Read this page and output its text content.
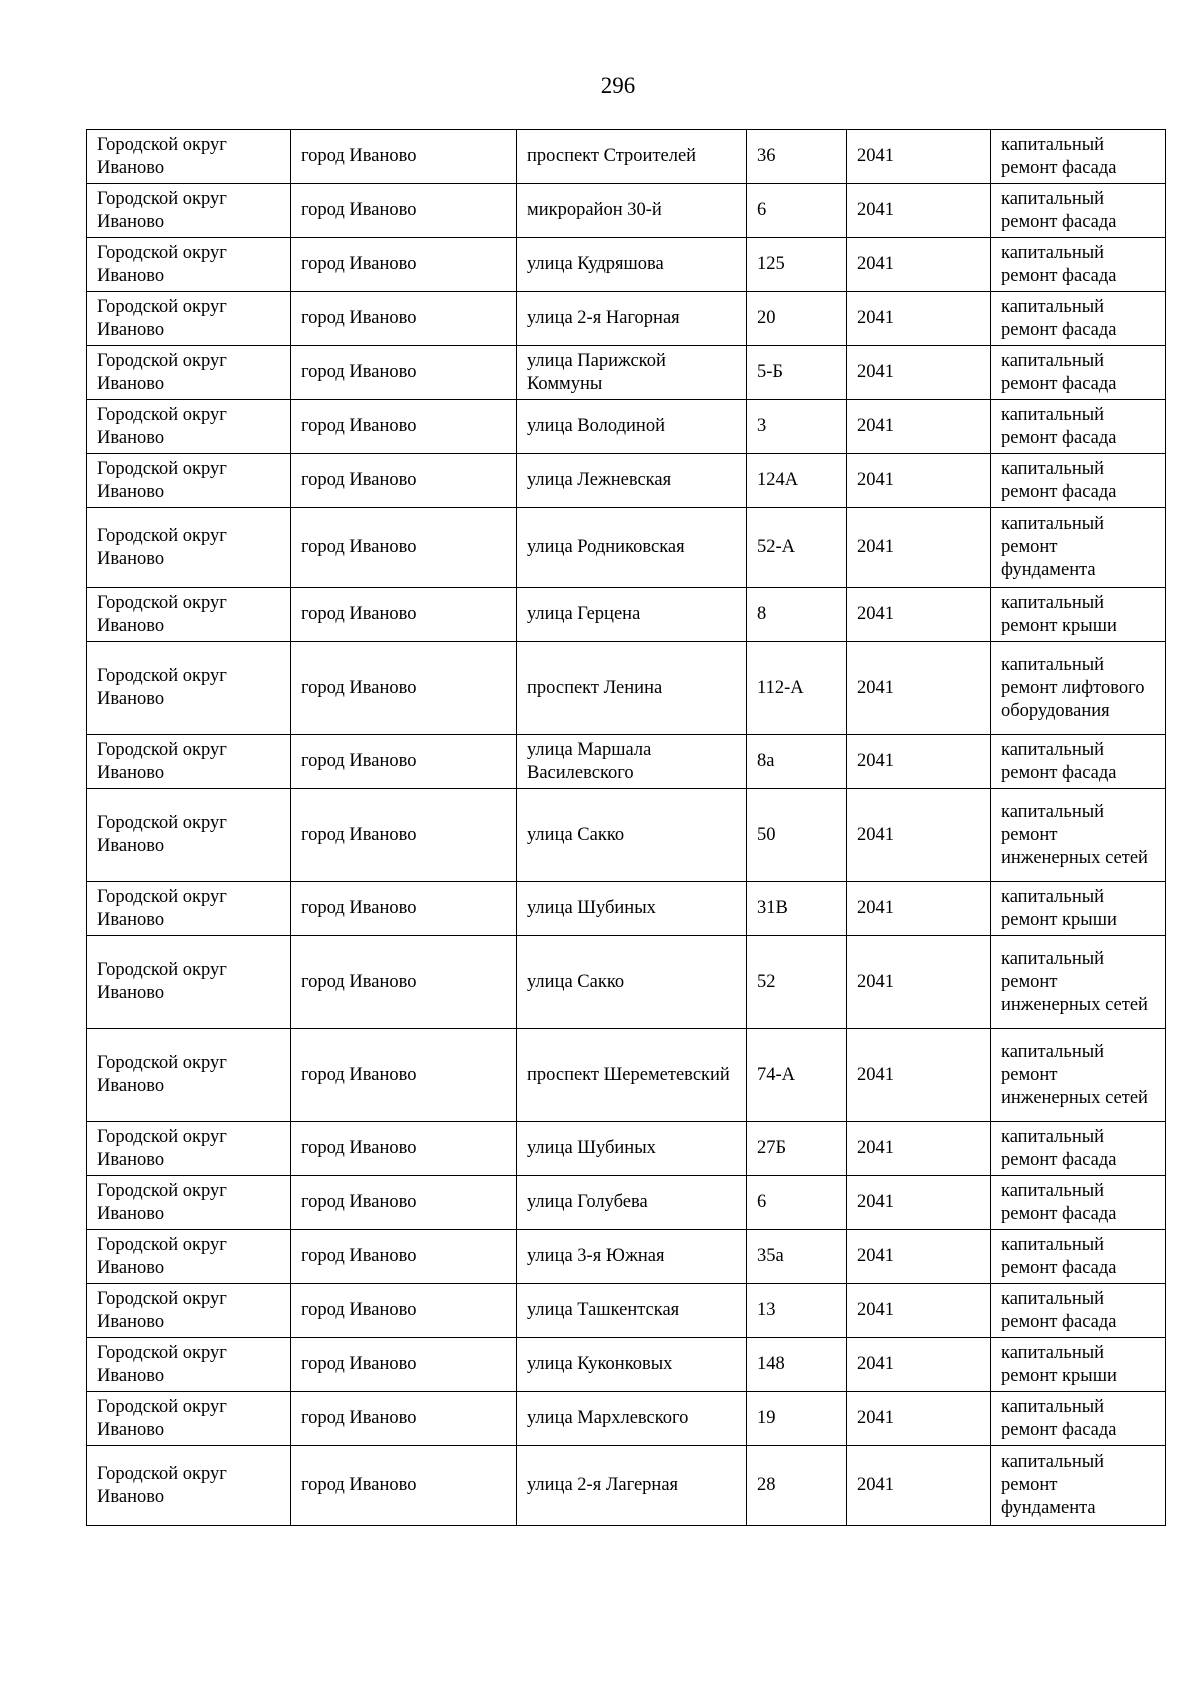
296
Городской округ Иваново	город Иваново	проспект Строителей	36	2041	капитальный ремонт фасада

Городской округ Иваново	город Иваново	микрорайон 30-й	6	2041	капитальный ремонт фасада

Городской округ Иваново	город Иваново	улица Кудряшова	125	2041	капитальный ремонт фасада

Городской округ Иваново	город Иваново	улица 2-я Нагорная	20	2041	капитальный ремонт фасада

Городской округ Иваново	город Иваново	улица Парижской Коммуны	5-Б	2041	капитальный ремонт фасада

Городской округ Иваново	город Иваново	улица Володиной	3	2041	капитальный ремонт фасада

Городской округ Иваново	город Иваново	улица Лежневская	124А	2041	капитальный ремонт фасада

Городской округ Иваново	город Иваново	улица Родниковская	52-А	2041	капитальный ремонт фундамента

Городской округ Иваново	город Иваново	улица Герцена	8	2041	капитальный ремонт крыши

Городской округ Иваново	город Иваново	проспект Ленина	112-А	2041	капитальный ремонт лифтового оборудования

Городской округ Иваново	город Иваново	улица Маршала Василевского	8а	2041	капитальный ремонт фасада

Городской округ Иваново	город Иваново	улица Сакко	50	2041	капитальный ремонт инженерных сетей

Городской округ Иваново	город Иваново	улица Шубиных	31В	2041	капитальный ремонт крыши

Городской округ Иваново	город Иваново	улица Сакко	52	2041	капитальный ремонт инженерных сетей

Городской округ Иваново	город Иваново	проспект Шереметевский	74-А	2041	капитальный ремонт инженерных сетей

Городской округ Иваново	город Иваново	улица Шубиных	27Б	2041	капитальный ремонт фасада

Городской округ Иваново	город Иваново	улица Голубева	6	2041	капитальный ремонт фасада

Городской округ Иваново	город Иваново	улица 3-я Южная	35а	2041	капитальный ремонт фасада

Городской округ Иваново	город Иваново	улица Ташкентская	13	2041	капитальный ремонт фасада

Городской округ Иваново	город Иваново	улица Куконковых	148	2041	капитальный ремонт крыши

Городской округ Иваново	город Иваново	улица Мархлевского	19	2041	капитальный ремонт фасада

Городской округ Иваново	город Иваново	улица 2-я Лагерная	28	2041	капитальный ремонт фундамента
